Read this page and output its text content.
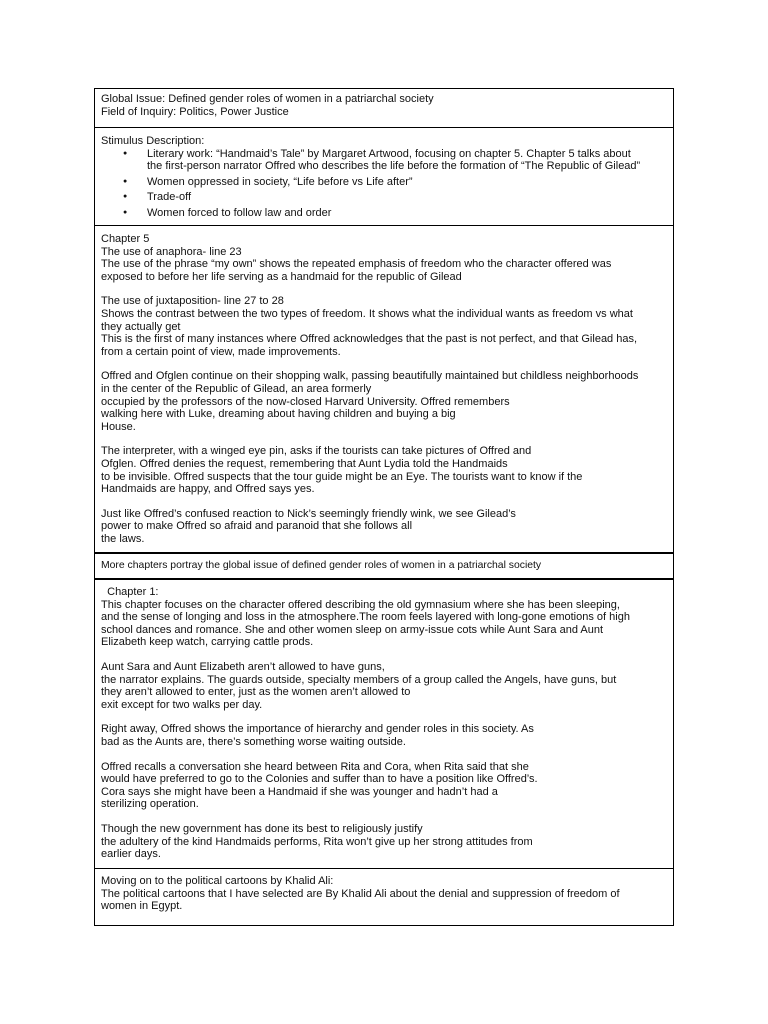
Global Issue: Defined gender roles of women in a patriarchal society
Field of Inquiry: Politics, Power Justice
Stimulus Description:
● Literary work: “Handmaid’s Tale” by Margaret Artwood, focusing on chapter 5. Chapter 5 talks about
the first-person narrator Offred who describes the life before the formation of “The Republic of Gilead”
● Women oppressed in society, “Life before vs Life after”
● Trade-off
● Women forced to follow law and order
Chapter 5
The use of anaphora- line 23
The use of the phrase “my own” shows the repeated emphasis of freedom who the character offered was
exposed to before her life serving as a handmaid for the republic of Gilead
The use of juxtaposition- line 27 to 28
Shows the contrast between the two types of freedom. It shows what the individual wants as freedom vs what
they actually get
This is the first of many instances where Offred acknowledges that the past is not perfect, and that Gilead has,
from a certain point of view, made improvements.
Offred and Ofglen continue on their shopping walk, passing beautifully maintained but childless neighborhoods
in the center of the Republic of Gilead, an area formerly
occupied by the professors of the now-closed Harvard University. Offred remembers
walking here with Luke, dreaming about having children and buying a big
House.
The interpreter, with a winged eye pin, asks if the tourists can take pictures of Offred and
Ofglen. Offred denies the request, remembering that Aunt Lydia told the Handmaids
to be invisible. Offred suspects that the tour guide might be an Eye. The tourists want to know if the
Handmaids are happy, and Offred says yes.
Just like Offred’s confused reaction to Nick’s seemingly friendly wink, we see Gilead’s
power to make Offred so afraid and paranoid that she follows all
the laws.
More chapters portray the global issue of defined gender roles of women in a patriarchal society
Chapter 1:
This chapter focuses on the character offered describing the old gymnasium where she has been sleeping,
and the sense of longing and loss in the atmosphere.The room feels layered with long-gone emotions of high
school dances and romance. She and other women sleep on army-issue cots while Aunt Sara and Aunt
Elizabeth keep watch, carrying cattle prods.
Aunt Sara and Aunt Elizabeth aren’t allowed to have guns,
the narrator explains. The guards outside, specialty members of a group called the Angels, have guns, but
they aren’t allowed to enter, just as the women aren’t allowed to
exit except for two walks per day.
Right away, Offred shows the importance of hierarchy and gender roles in this society. As
bad as the Aunts are, there’s something worse waiting outside.
Offred recalls a conversation she heard between Rita and Cora, when Rita said that she
would have preferred to go to the Colonies and suffer than to have a position like Offred’s.
Cora says she might have been a Handmaid if she was younger and hadn’t had a
sterilizing operation.
Though the new government has done its best to religiously justify
the adultery of the kind Handmaids performs, Rita won’t give up her strong attitudes from
earlier days.
Moving on to the political cartoons by Khalid Ali:
The political cartoons that I have selected are By Khalid Ali about the denial and suppression of freedom of
women in Egypt.
